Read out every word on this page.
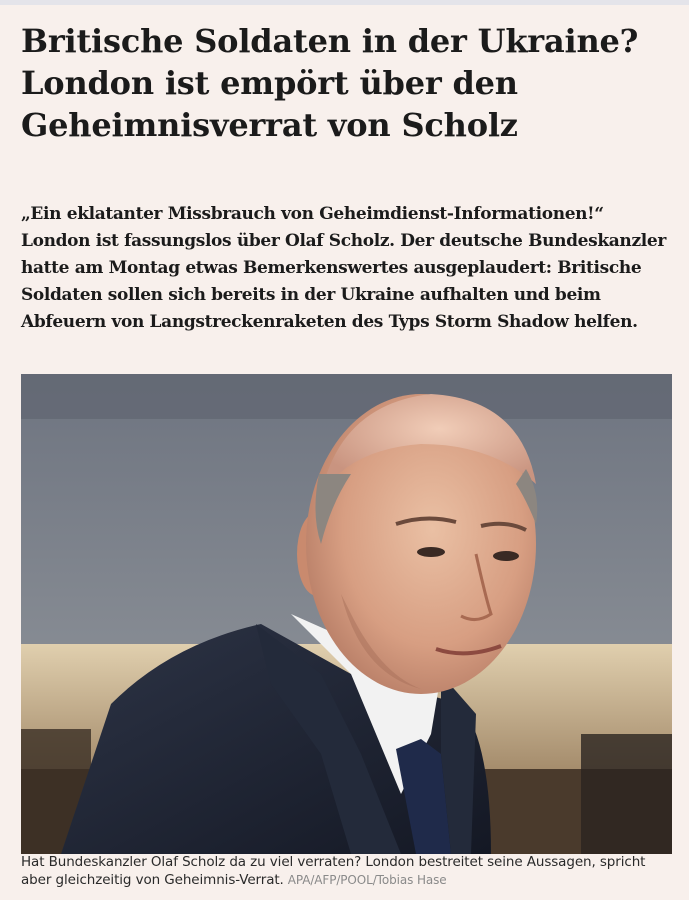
Britische Soldaten in der Ukraine? London ist empört über den Geheimnisverrat von Scholz

„Ein eklatanter Missbrauch von Geheimdienst-Informationen!“ London ist fassungslos über Olaf Scholz. Der deutsche Bundeskanzler hatte am Montag etwas Bemerkenswertes ausgeplaudert: Britische Soldaten sollen sich bereits in der Ukraine aufhalten und beim Abfeuern von Langstreckenraketen des Typs Storm Shadow helfen.

Hat Bundeskanzler Olaf Scholz da zu viel verraten? London bestreitet seine Aussagen, spricht aber gleichzeitig von Geheimnis-Verrat. APA/AFP/POOL/Tobias Hase
